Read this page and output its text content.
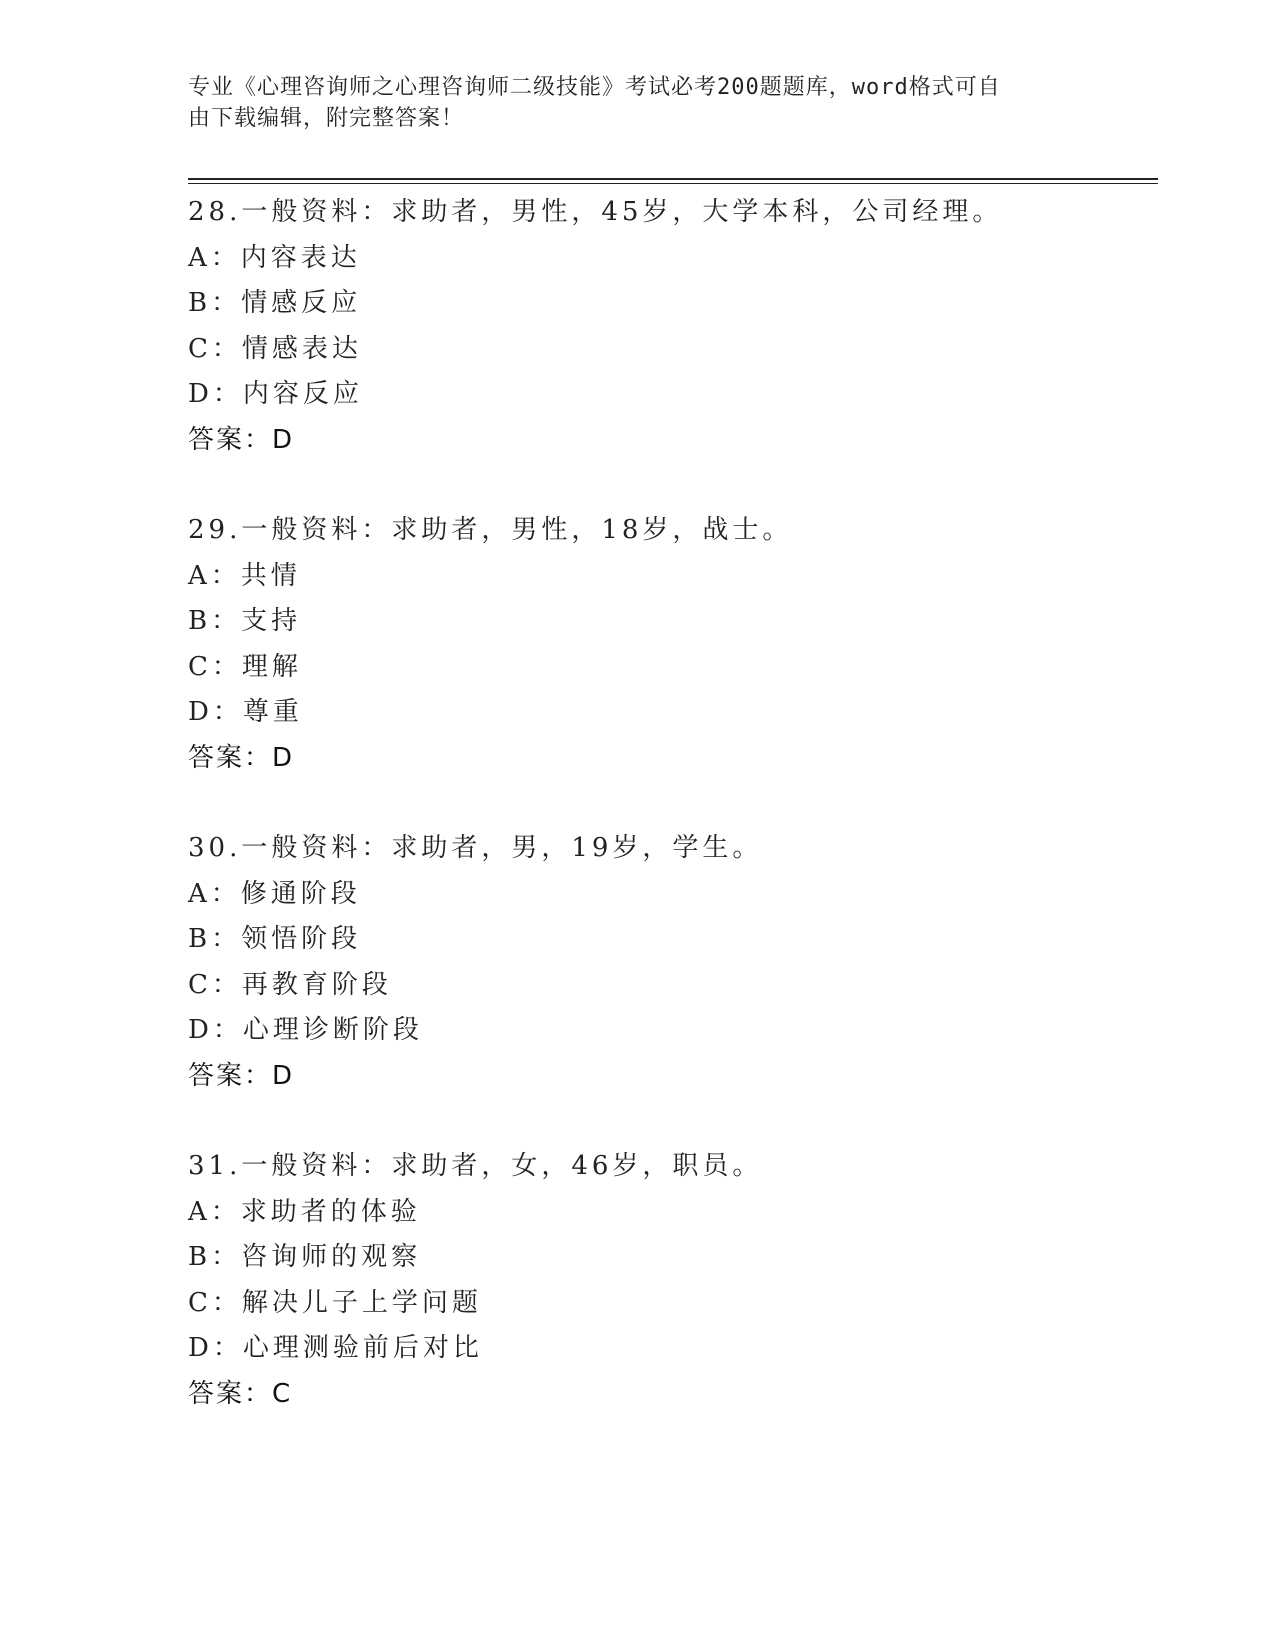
专业《心理咨询师之心理咨询师二级技能》考试必考200题题库，word格式可自
由下载编辑，附完整答案！
28.一般资料：求助者，男性，45岁，大学本科，公司经理。
A：内容表达
B：情感反应
C：情感表达
D：内容反应
答案：D
29.一般资料：求助者，男性，18岁，战士。
A：共情
B：支持
C：理解
D：尊重
答案：D
30.一般资料：求助者，男，19岁，学生。
A：修通阶段
B：领悟阶段
C：再教育阶段
D：心理诊断阶段
答案：D
31.一般资料：求助者，女，46岁，职员。
A：求助者的体验
B：咨询师的观察
C：解决儿子上学问题
D：心理测验前后对比
答案：C
